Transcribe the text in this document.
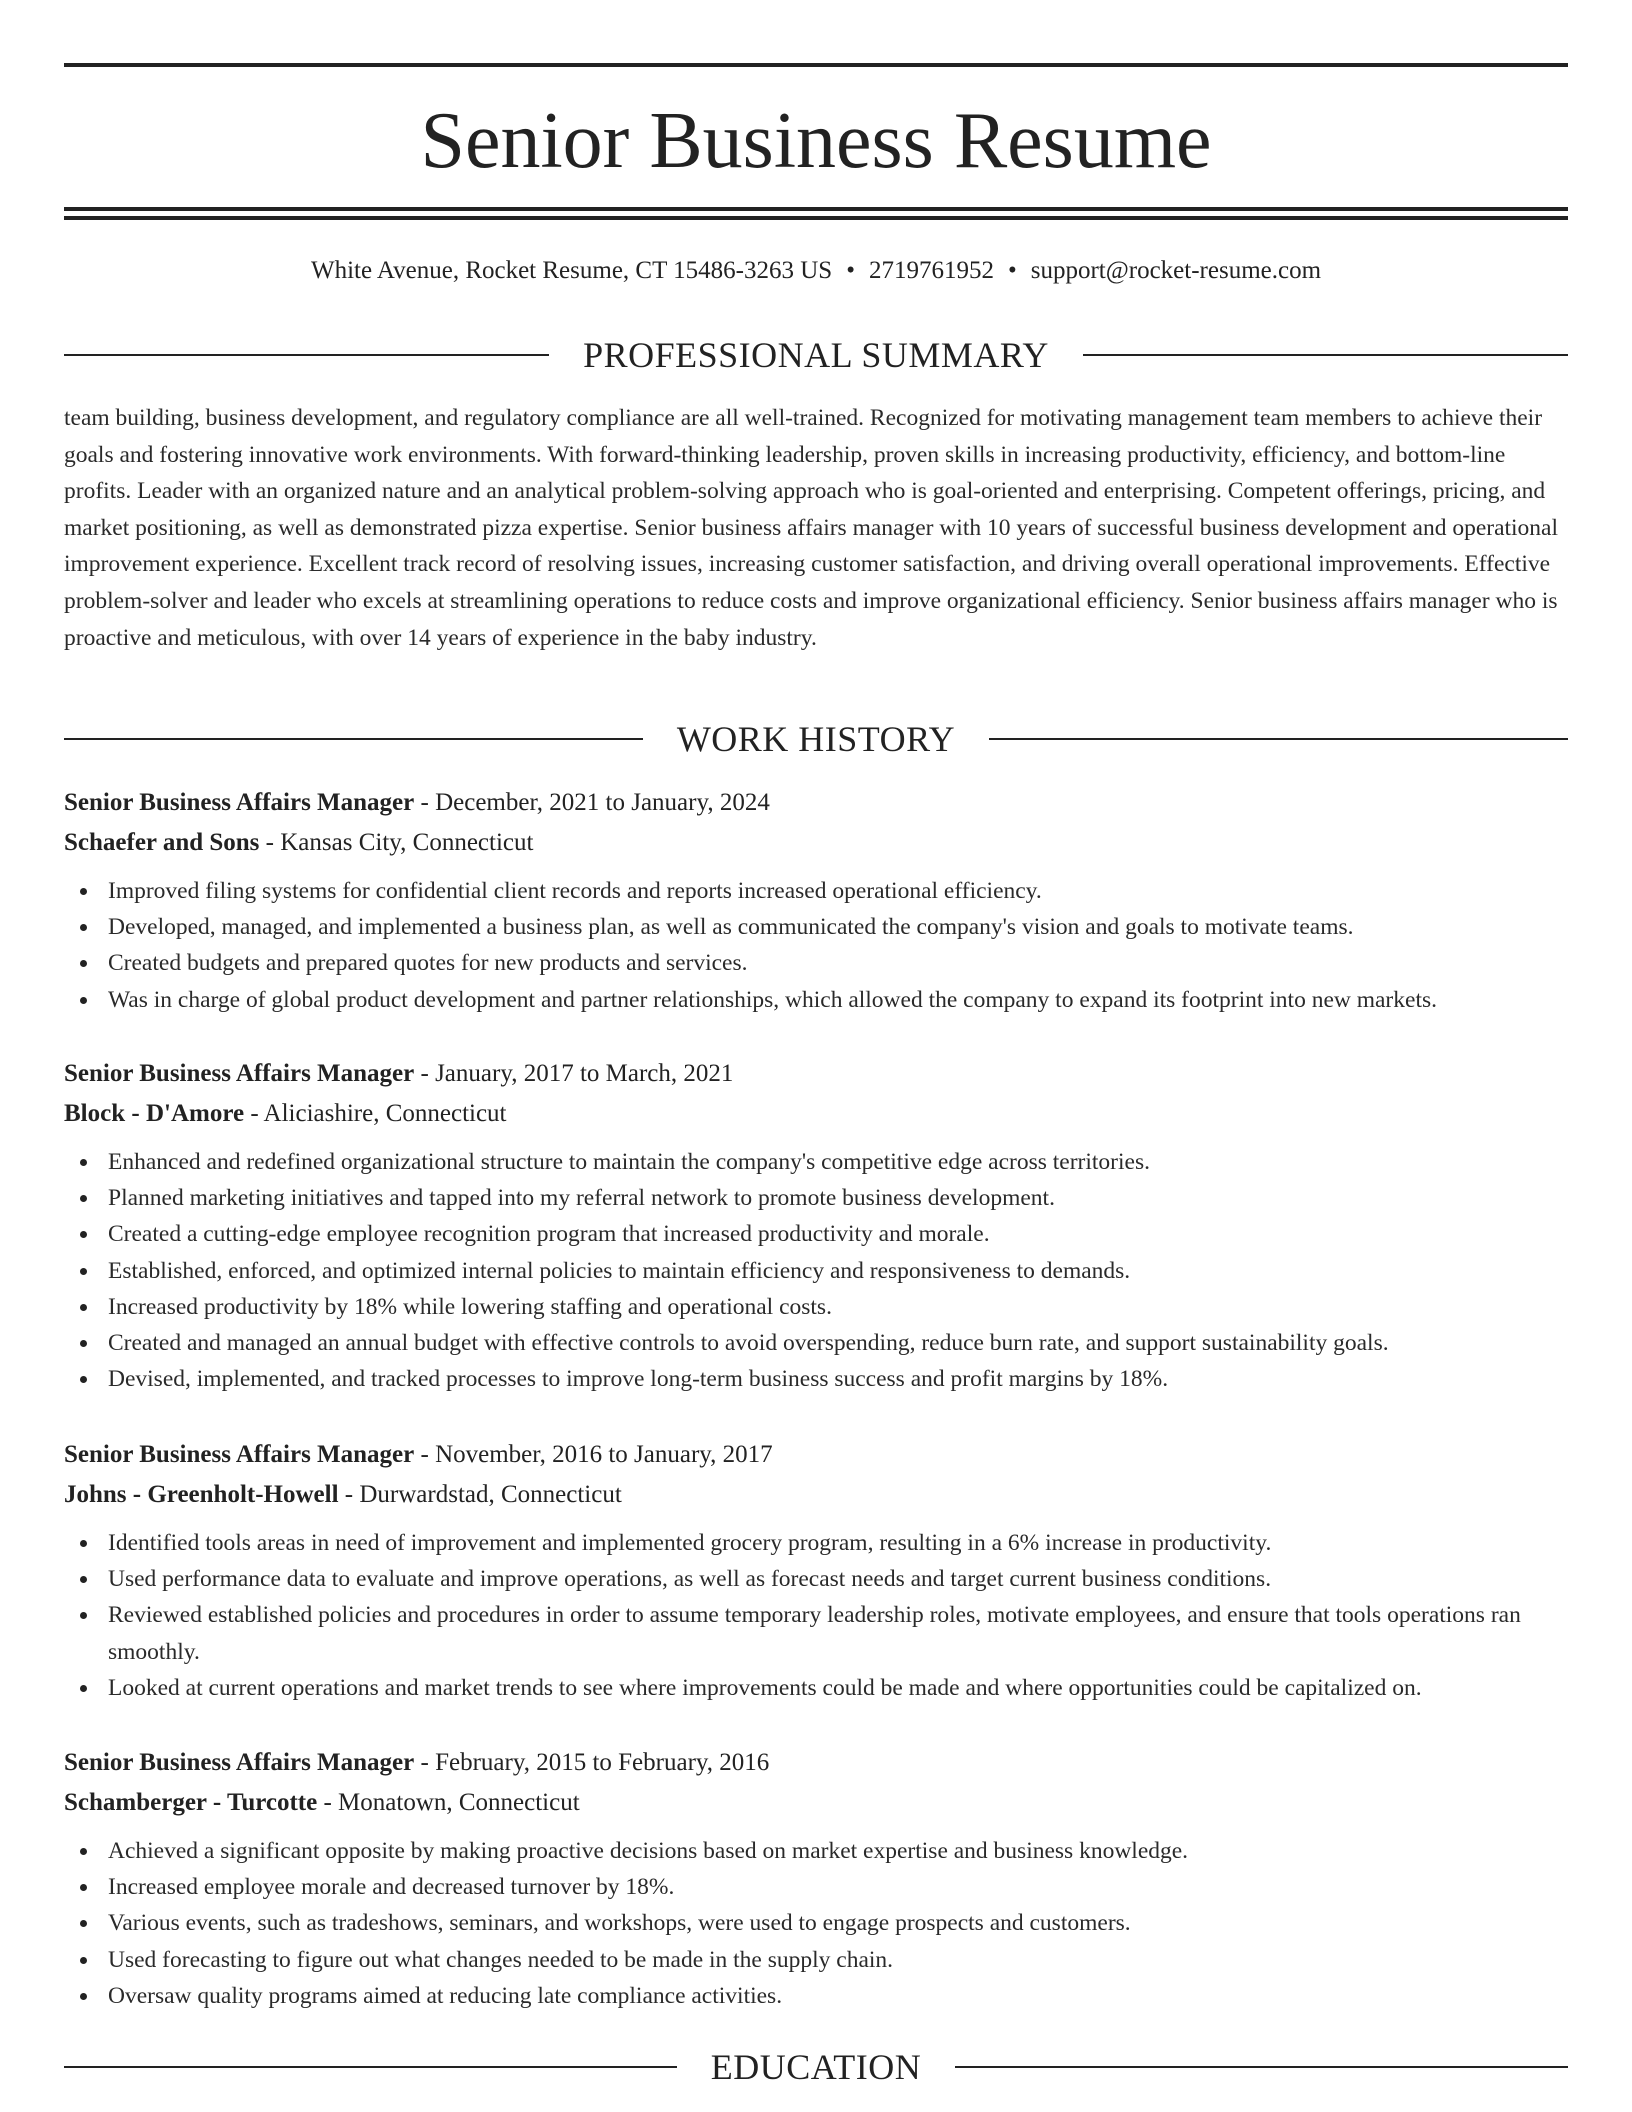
Senior Business Resume
White Avenue, Rocket Resume, CT 15486-3263 US • 2719761952 • support@rocket-resume.com
PROFESSIONAL SUMMARY

team building, business development, and regulatory compliance are all well-trained. Recognized for motivating management team members to achieve their goals and fostering innovative work environments. With forward-thinking leadership, proven skills in increasing productivity, efficiency, and bottom-line profits. Leader with an organized nature and an analytical problem-solving approach who is goal-oriented and enterprising. Competent offerings, pricing, and market positioning, as well as demonstrated pizza expertise. Senior business affairs manager with 10 years of successful business development and operational improvement experience. Excellent track record of resolving issues, increasing customer satisfaction, and driving overall operational improvements. Effective problem-solver and leader who excels at streamlining operations to reduce costs and improve organizational efficiency. Senior business affairs manager who is proactive and meticulous, with over 14 years of experience in the baby industry.

WORK HISTORY

Senior Business Affairs Manager - December, 2021 to January, 2024

Schaefer and Sons - Kansas City, Connecticut

Improved filing systems for confidential client records and reports increased operational efficiency.
Developed, managed, and implemented a business plan, as well as communicated the company's vision and goals to motivate teams.
Created budgets and prepared quotes for new products and services.
Was in charge of global product development and partner relationships, which allowed the company to expand its footprint into new markets.

Senior Business Affairs Manager - January, 2017 to March, 2021

Block - D'Amore - Aliciashire, Connecticut

Enhanced and redefined organizational structure to maintain the company's competitive edge across territories.
Planned marketing initiatives and tapped into my referral network to promote business development.
Created a cutting-edge employee recognition program that increased productivity and morale.
Established, enforced, and optimized internal policies to maintain efficiency and responsiveness to demands.
Increased productivity by 18% while lowering staffing and operational costs.
Created and managed an annual budget with effective controls to avoid overspending, reduce burn rate, and support sustainability goals.
Devised, implemented, and tracked processes to improve long-term business success and profit margins by 18%.

Senior Business Affairs Manager - November, 2016 to January, 2017

Johns - Greenholt-Howell - Durwardstad, Connecticut

Identified tools areas in need of improvement and implemented grocery program, resulting in a 6% increase in productivity.
Used performance data to evaluate and improve operations, as well as forecast needs and target current business conditions.
Reviewed established policies and procedures in order to assume temporary leadership roles, motivate employees, and ensure that tools operations ran smoothly.
Looked at current operations and market trends to see where improvements could be made and where opportunities could be capitalized on.

Senior Business Affairs Manager - February, 2015 to February, 2016

Schamberger - Turcotte - Monatown, Connecticut

Achieved a significant opposite by making proactive decisions based on market expertise and business knowledge.
Increased employee morale and decreased turnover by 18%.
Various events, such as tradeshows, seminars, and workshops, were used to engage prospects and customers.
Used forecasting to figure out what changes needed to be made in the supply chain.
Oversaw quality programs aimed at reducing late compliance activities.
EDUCATION
